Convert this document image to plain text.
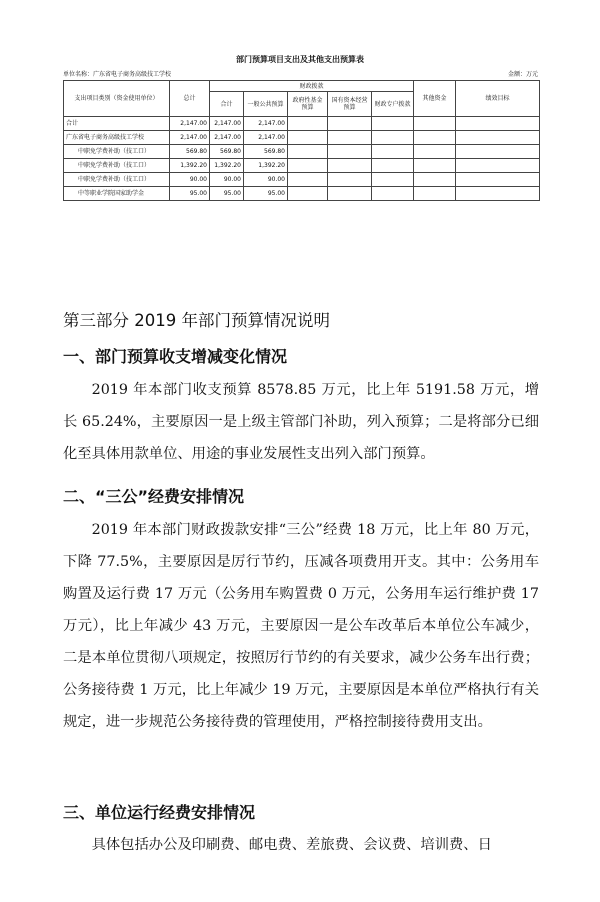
部门预算项目支出及其他支出预算表
单位名称：广东省电子商务高级技工学校	金额：万元
支出项目类别（资金使用单位）	总计	财政拨款					其他资金	绩效目标
		合计	一般公共预算	政府性基金预算	国有资本经营预算	财政专户拨款		
合计	2,147.00	2,147.00	2,147.00					
广东省电子商务高级技工学校	2,147.00	2,147.00	2,147.00					
中职免学费补助（技工口）	569.80	569.80	569.80					
中职免学费补助（技工口）	1,392.20	1,392.20	1,392.20					
中职免学费补助（技工口）	90.00	90.00	90.00					
中等职业学院国家助学金	95.00	95.00	95.00					
第三部分 2019 年部门预算情况说明
一、部门预算收支增减变化情况

2019 年本部门收支预算 8578.85 万元，比上年 5191.58 万元，增长 65.24%，主要原因一是上级主管部门补助，列入预算；二是将部分已细化至具体用款单位、用途的事业发展性支出列入部门预算。

二、“三公”经费安排情况

2019 年本部门财政拨款安排“三公”经费 18 万元，比上年 80 万元，下降 77.5%，主要原因是厉行节约，压减各项费用开支。其中：公务用车购置及运行费 17 万元（公务用车购置费 0 万元，公务用车运行维护费 17 万元），比上年减少 43 万元，主要原因一是公车改革后本单位公车减少，二是本单位贯彻八项规定，按照厉行节约的有关要求，减少公务车出行费；公务接待费 1 万元，比上年减少 19 万元，主要原因是本单位严格执行有关规定，进一步规范公务接待费的管理使用，严格控制接待费用支出。

三、单位运行经费安排情况

具体包括办公及印刷费、邮电费、差旅费、会议费、培训费、日
